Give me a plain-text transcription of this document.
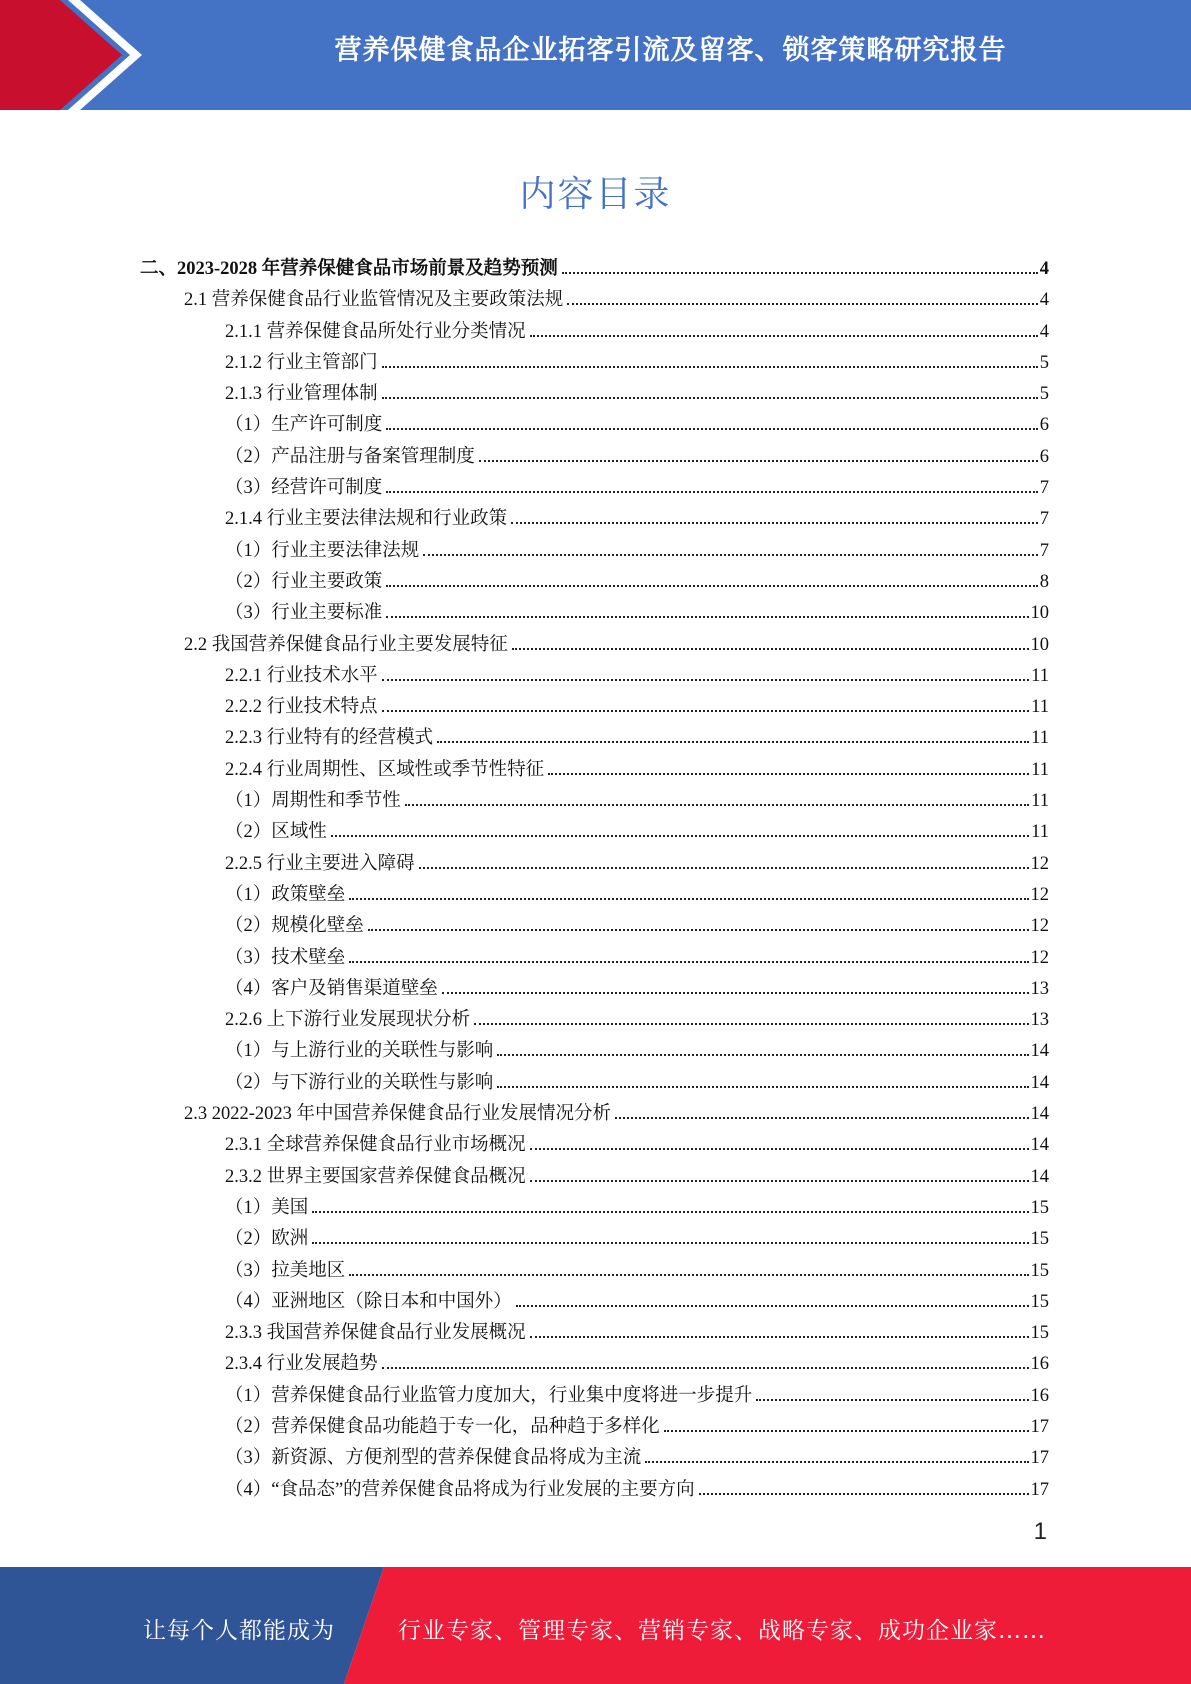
营养保健食品企业拓客引流及留客、锁客策略研究报告
内容目录
二、2023-2028 年营养保健食品市场前景及趋势预测	4
2.1 营养保健食品行业监管情况及主要政策法规	4
2.1.1 营养保健食品所处行业分类情况	4
2.1.2 行业主管部门	5
2.1.3 行业管理体制	5
（1）生产许可制度	6
（2）产品注册与备案管理制度	6
（3）经营许可制度	7
2.1.4 行业主要法律法规和行业政策	7
（1）行业主要法律法规	7
（2）行业主要政策	8
（3）行业主要标准	10
2.2 我国营养保健食品行业主要发展特征	10
2.2.1 行业技术水平	11
2.2.2 行业技术特点	11
2.2.3 行业特有的经营模式	11
2.2.4 行业周期性、区域性或季节性特征	11
（1）周期性和季节性	11
（2）区域性	11
2.2.5 行业主要进入障碍	12
（1）政策壁垒	12
（2）规模化壁垒	12
（3）技术壁垒	12
（4）客户及销售渠道壁垒	13
2.2.6 上下游行业发展现状分析	13
（1）与上游行业的关联性与影响	14
（2）与下游行业的关联性与影响	14
2.3 2022-2023 年中国营养保健食品行业发展情况分析	14
2.3.1 全球营养保健食品行业市场概况	14
2.3.2 世界主要国家营养保健食品概况	14
（1）美国	15
（2）欧洲	15
（3）拉美地区	15
（4）亚洲地区（除日本和中国外）	15
2.3.3 我国营养保健食品行业发展概况	15
2.3.4 行业发展趋势	16
（1）营养保健食品行业监管力度加大，行业集中度将进一步提升	16
（2）营养保健食品功能趋于专一化，品种趋于多样化	17
（3）新资源、方便剂型的营养保健食品将成为主流	17
（4）“食品态”的营养保健食品将成为行业发展的主要方向	17
1
让每个人都能成为	行业专家、管理专家、营销专家、战略专家、成功企业家……
